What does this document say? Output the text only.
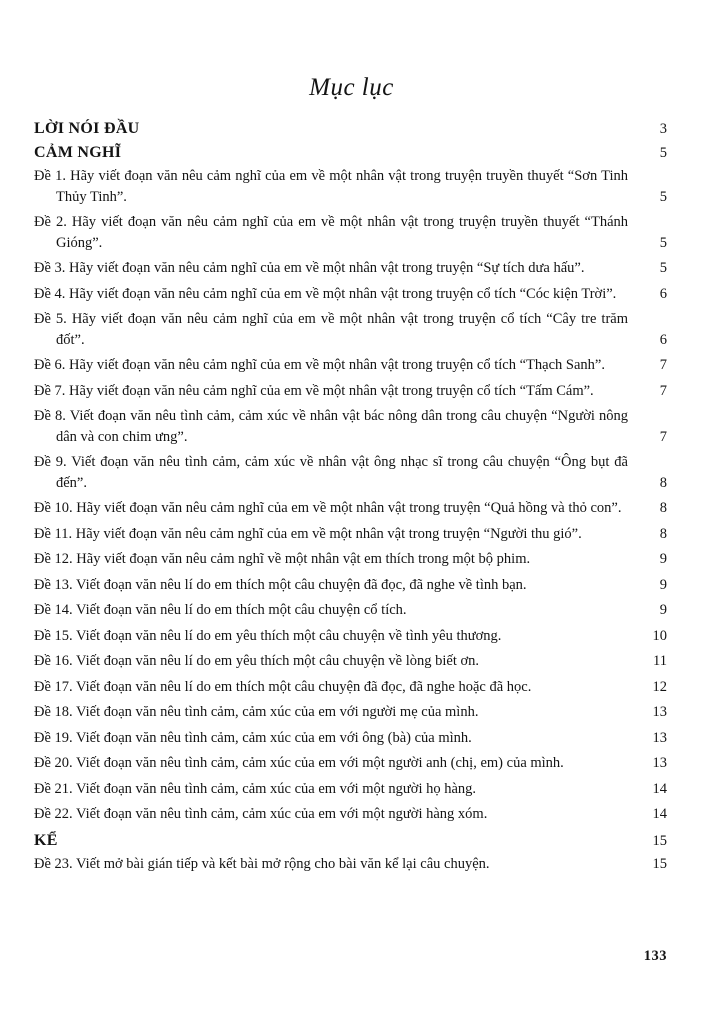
Mục lục
LỜI NÓI ĐẦU	3
CẢM NGHĨ	5
Đề 1. Hãy viết đoạn văn nêu cảm nghĩ của em về một nhân vật trong truyện truyền thuyết “Sơn Tinh Thủy Tinh”.	5
Đề 2. Hãy viết đoạn văn nêu cảm nghĩ của em về một nhân vật trong truyện truyền thuyết “Thánh Gióng”.	5
Đề 3. Hãy viết đoạn văn nêu cảm nghĩ của em về một nhân vật trong truyện “Sự tích dưa hấu”.	5
Đề 4. Hãy viết đoạn văn nêu cảm nghĩ của em về một nhân vật trong truyện cổ tích “Cóc kiện Trời”.	6
Đề 5. Hãy viết đoạn văn nêu cảm nghĩ của em về một nhân vật trong truyện cổ tích “Cây tre trăm đốt”.	6
Đề 6. Hãy viết đoạn văn nêu cảm nghĩ của em về một nhân vật trong truyện cổ tích “Thạch Sanh”.	7
Đề 7. Hãy viết đoạn văn nêu cảm nghĩ của em về một nhân vật trong truyện cổ tích “Tấm Cám”.	7
Đề 8. Viết đoạn văn nêu tình cảm, cảm xúc về nhân vật bác nông dân trong câu chuyện “Người nông dân và con chim ưng”.	7
Đề 9. Viết đoạn văn nêu tình cảm, cảm xúc về nhân vật ông nhạc sĩ trong câu chuyện “Ông bụt đã đến”.	8
Đề 10. Hãy viết đoạn văn nêu cảm nghĩ của em về một nhân vật trong truyện “Quả hồng và thỏ con”.	8
Đề 11. Hãy viết đoạn văn nêu cảm nghĩ của em về một nhân vật trong truyện “Người thu gió”.	8
Đề 12. Hãy viết đoạn văn nêu cảm nghĩ về một nhân vật em thích trong một bộ phim.	9
Đề 13. Viết đoạn văn nêu lí do em thích một câu chuyện đã đọc, đã nghe về tình bạn.	9
Đề 14. Viết đoạn văn nêu lí do em thích một câu chuyện cổ tích.	9
Đề 15. Viết đoạn văn nêu lí do em yêu thích một câu chuyện về tình yêu thương.	10
Đề 16. Viết đoạn văn nêu lí do em yêu thích một câu chuyện về lòng biết ơn.	11
Đề 17. Viết đoạn văn nêu lí do em thích một câu chuyện đã đọc, đã nghe hoặc đã học.	12
Đề 18. Viết đoạn văn nêu tình cảm, cảm xúc của em với người mẹ của mình.	13
Đề 19. Viết đoạn văn nêu tình cảm, cảm xúc của em với ông (bà) của mình.	13
Đề 20. Viết đoạn văn nêu tình cảm, cảm xúc của em với một người anh (chị, em) của mình.	13
Đề 21. Viết đoạn văn nêu tình cảm, cảm xúc của em với một người họ hàng.	14
Đề 22. Viết đoạn văn nêu tình cảm, cảm xúc của em với một người hàng xóm.	14
KỂ	15
Đề 23. Viết mở bài gián tiếp và kết bài mở rộng cho bài văn kể lại câu chuyện.	15
133
